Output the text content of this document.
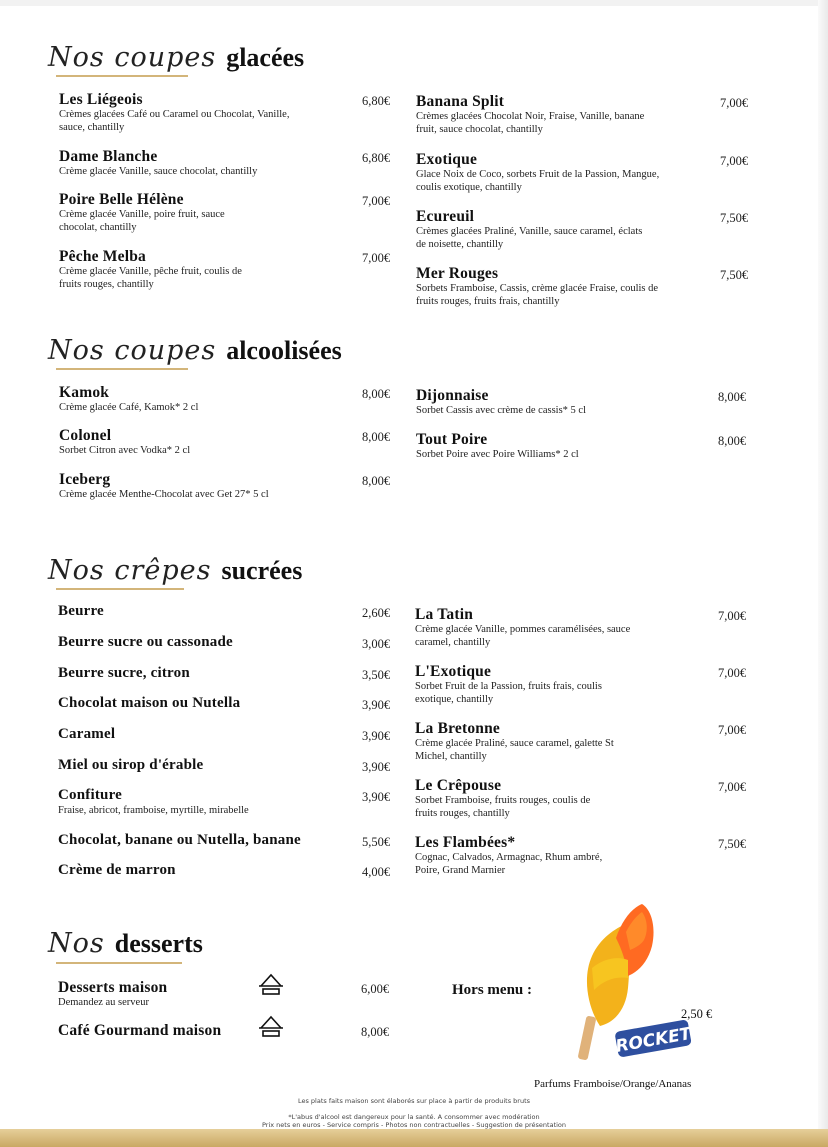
Nos coupes glacées
Nos coupes alcoolisées
Nos crêpes sucrées
Nos desserts
Les Liégeois
Crèmes glacées Café ou Caramel ou Chocolat, Vanille, sauce, chantilly
6,80€
Dame Blanche
Crème glacée Vanille, sauce chocolat, chantilly
6,80€
Poire Belle Hélène
Crème glacée Vanille, poire fruit, sauce chocolat, chantilly
7,00€
Pêche Melba
Crème glacée Vanille, pêche fruit, coulis de fruits rouges, chantilly
7,00€
Banana Split
Crèmes glacées Chocolat Noir, Fraise, Vanille, banane fruit, sauce chocolat, chantilly
7,00€
Exotique
Glace Noix de Coco, sorbets Fruit de la Passion, Mangue, coulis exotique, chantilly
7,00€
Ecureuil
Crèmes glacées Praliné, Vanille, sauce caramel, éclats de noisette, chantilly
7,50€
Mer Rouges
Sorbets Framboise, Cassis, crème glacée Fraise, coulis de fruits rouges, fruits frais, chantilly
7,50€
Kamok
Crème glacée Café, Kamok* 2 cl
8,00€
Colonel
Sorbet Citron avec Vodka* 2 cl
8,00€
Iceberg
Crème glacée Menthe-Chocolat avec Get 27* 5 cl
8,00€
Dijonnaise
Sorbet Cassis avec crème de cassis* 5 cl
8,00€
Tout Poire
Sorbet Poire avec Poire Williams* 2 cl
8,00€
Beurre	2,60€
Beurre sucre ou cassonade	3,00€
Beurre sucre, citron	3,50€
Chocolat maison ou Nutella	3,90€
Caramel	3,90€
Miel ou sirop d'érable	3,90€
Confiture
Fraise, abricot, framboise, myrtille, mirabelle
3,90€
Chocolat, banane ou Nutella, banane	5,50€
Crème de marron	4,00€
La Tatin
Crème glacée Vanille, pommes caramélisées, sauce caramel, chantilly
7,00€
L'Exotique
Sorbet Fruit de la Passion, fruits frais, coulis exotique, chantilly
7,00€
La Bretonne
Crème glacée Praliné, sauce caramel, galette St Michel, chantilly
7,00€
Le Crêpouse
Sorbet Framboise, fruits rouges, coulis de fruits rouges, chantilly
7,00€
Les Flambées*
Cognac, Calvados, Armagnac, Rhum ambré, Poire, Grand Marnier
7,50€
Desserts maison
Demandez au serveur
6,00€
Café Gourmand maison	8,00€
Hors menu :
ROCKET
2,50 €
Parfums Framboise/Orange/Ananas
Les plats faits maison sont élaborés sur place à partir de produits bruts
*L'abus d'alcool est dangereux pour la santé. A consommer avec modération
Prix nets en euros - Service compris - Photos non contractuelles - Suggestion de présentation
